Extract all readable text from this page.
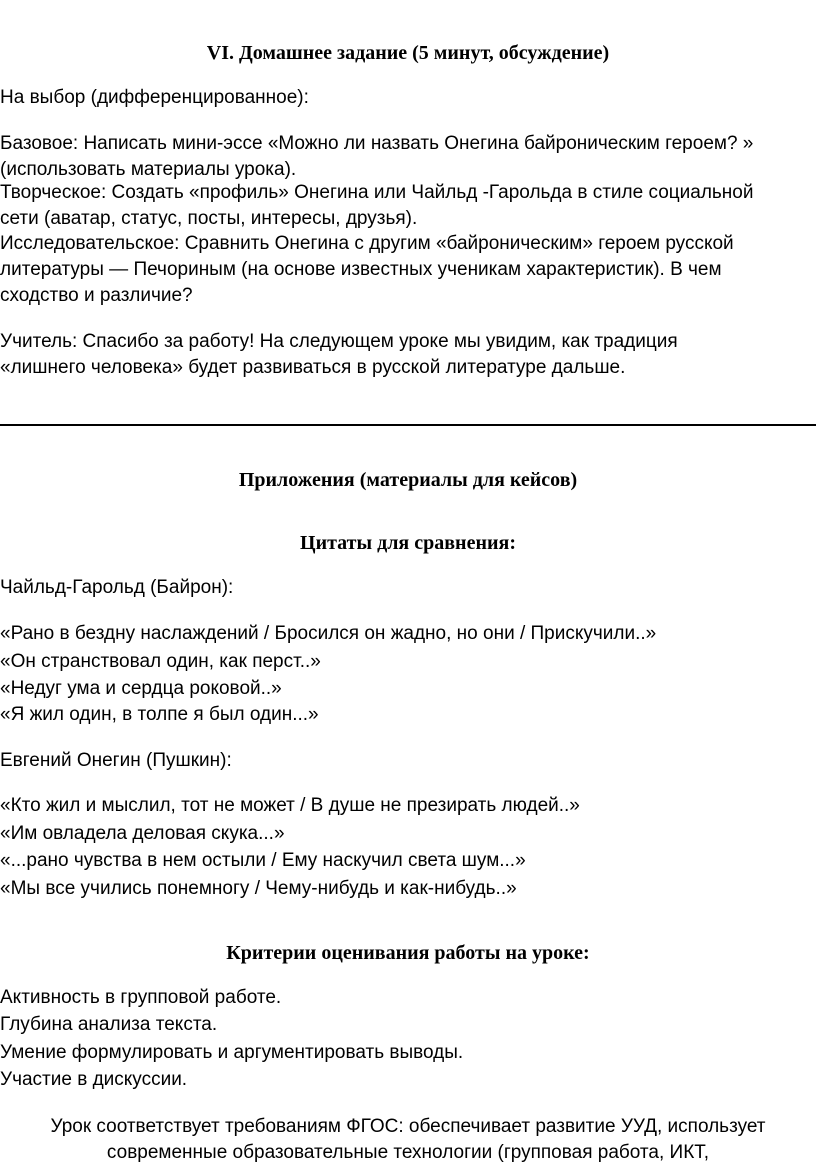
VI. Домашнее задание (5 минут, обсуждение)
На выбор (дифференцированное):
Базовое: Написать мини-эссе «Можно ли назвать Онегина байроническим героем? »
(использовать материалы урока).
Творческое: Создать «профиль» Онегина или Чайльд -Гарольда в стиле социальной
сети (аватар, статус, посты, интересы, друзья).
Исследовательское: Сравнить Онегина с другим «байроническим» героем русской
литературы — Печориным (на основе известных ученикам характеристик). В чем
сходство и различие?
Учитель: Спасибо за работу! На следующем уроке мы увидим, как традиция
«лишнего человека» будет развиваться в русской литературе дальше.
Приложения (материалы для кейсов)
Цитаты для сравнения:
Чайльд-Гарольд (Байрон):
«Рано в бездну наслаждений / Бросился он жадно, но они / Прискучили..»
«Он странствовал один, как перст..»
«Недуг ума и сердца роковой..»
«Я жил один, в толпе я был один...»
Евгений Онегин (Пушкин):
«Кто жил и мыслил, тот не может / В душе не презирать людей..»
«Им овладела деловая скука...»
«...рано чувства в нем остыли / Ему наскучил света шум...»
«Мы все учились понемногу / Чему-нибудь и как-нибудь..»
Критерии оценивания работы на уроке:
Активность в групповой работе.
Глубина анализа текста.
Умение формулировать и аргументировать выводы.
Участие в дискуссии.
Урок соответствует требованиям ФГОС: обеспечивает развитие УУД, использует
современные образовательные технологии (групповая работа, ИКТ,
